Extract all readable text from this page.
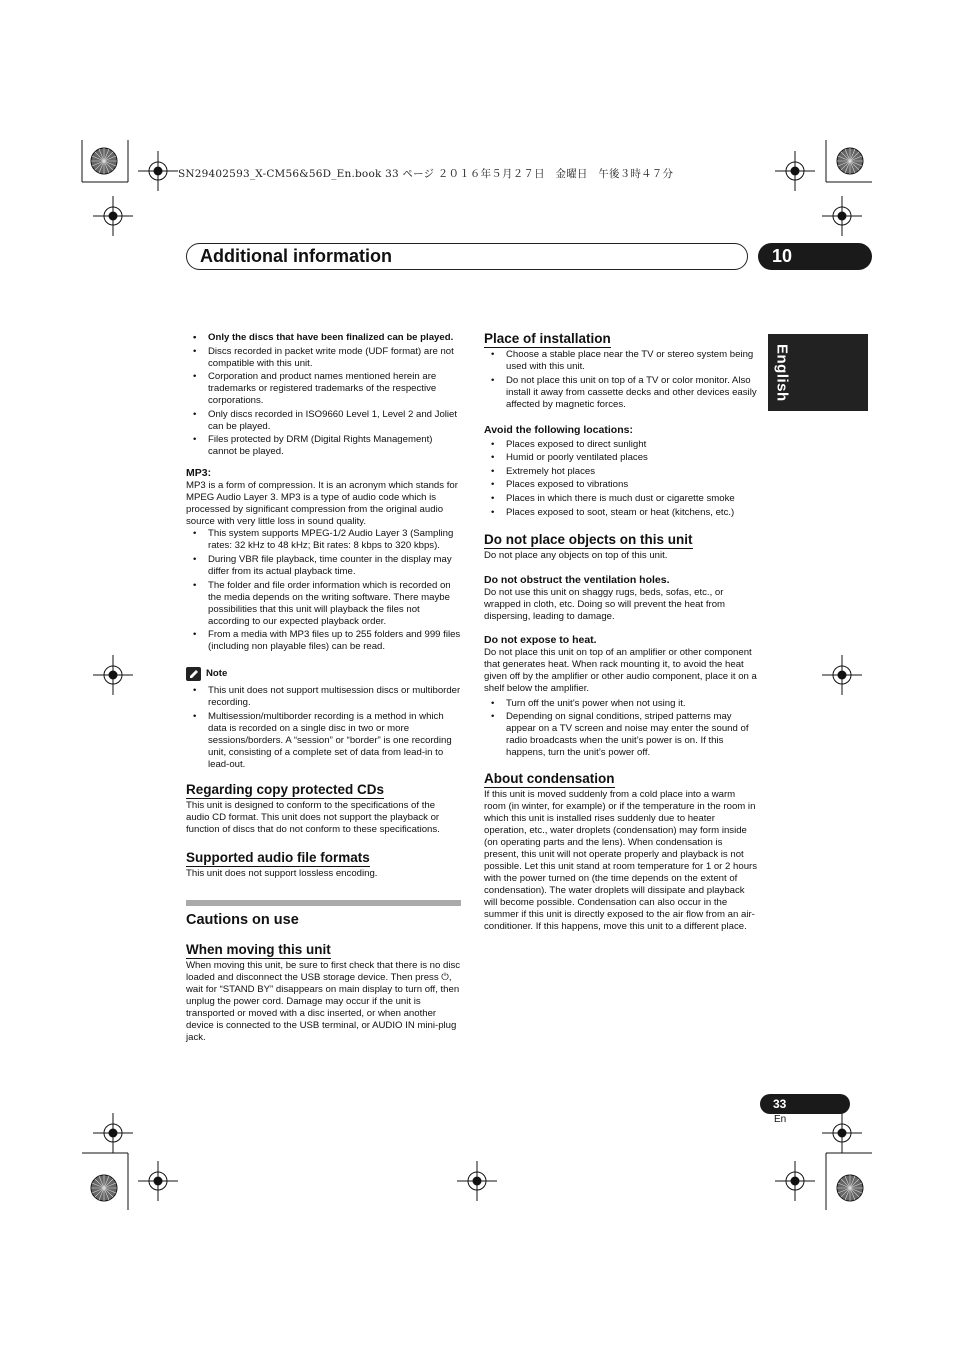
SN29402593_X-CM56&56D_En.book 33 ページ ２０１６年５月２７日　金曜日　午後３時４７分
Additional information	10
English
• Only the discs that have been finalized can be played.
• Discs recorded in packet write mode (UDF format) are not compatible with this unit.
• Corporation and product names mentioned herein are trademarks or registered trademarks of the respective corporations.
• Only discs recorded in ISO9660 Level 1, Level 2 and Joliet can be played.
• Files protected by DRM (Digital Rights Management) cannot be played.
MP3:

MP3 is a form of compression. It is an acronym which stands for MPEG Audio Layer 3. MP3 is a type of audio code which is processed by significant compression from the original audio source with very little loss in sound quality.

• This system supports MPEG-1/2 Audio Layer 3 (Sampling rates: 32 kHz to 48 kHz; Bit rates: 8 kbps to 320 kbps).
• During VBR file playback, time counter in the display may differ from its actual playback time.
• The folder and file order information which is recorded on the media depends on the writing software. There maybe possibilities that this unit will playback the files not according to our expected playback order.
• From a media with MP3 files up to 255 folders and 999 files (including non playable files) can be read.
Note
• This unit does not support multisession discs or multiborder recording.
• Multisession/multiborder recording is a method in which data is recorded on a single disc in two or more sessions/borders. A “session” or “border” is one recording unit, consisting of a complete set of data from lead-in to lead-out.
Regarding copy protected CDs

This unit is designed to conform to the specifications of the audio CD format. This unit does not support the playback or function of discs that do not conform to these specifications.

Supported audio file formats

This unit does not support lossless encoding.

Cautions on use
When moving this unit

When moving this unit, be sure to first check that there is no disc loaded and disconnect the USB storage device. Then press ⏻, wait for “STAND BY” disappears on main display to turn off, then unplug the power cord. Damage may occur if the unit is transported or moved with a disc inserted, or when another device is connected to the USB terminal, or AUDIO IN mini-plug jack.

Place of installation
• Choose a stable place near the TV or stereo system being used with this unit.
• Do not place this unit on top of a TV or color monitor. Also install it away from cassette decks and other devices easily affected by magnetic forces.
Avoid the following locations:
• Places exposed to direct sunlight
• Humid or poorly ventilated places
• Extremely hot places
• Places exposed to vibrations
• Places in which there is much dust or cigarette smoke
• Places exposed to soot, steam or heat (kitchens, etc.)
Do not place objects on this unit

Do not place any objects on top of this unit.

Do not obstruct the ventilation holes.

Do not use this unit on shaggy rugs, beds, sofas, etc., or wrapped in cloth, etc. Doing so will prevent the heat from dispersing, leading to damage.

Do not expose to heat.

Do not place this unit on top of an amplifier or other component that generates heat. When rack mounting it, to avoid the heat given off by the amplifier or other audio component, place it on a shelf below the amplifier.

• Turn off the unit’s power when not using it.
• Depending on signal conditions, striped patterns may appear on a TV screen and noise may enter the sound of radio broadcasts when the unit’s power is on. If this happens, turn the unit’s power off.
About condensation

If this unit is moved suddenly from a cold place into a warm room (in winter, for example) or if the temperature in the room in which this unit is installed rises suddenly due to heater operation, etc., water droplets (condensation) may form inside (on operating parts and the lens). When condensation is present, this unit will not operate properly and playback is not possible. Let this unit stand at room temperature for 1 or 2 hours with the power turned on (the time depends on the extent of condensation). The water droplets will dissipate and playback will become possible. Condensation can also occur in the summer if this unit is directly exposed to the air flow from an air-conditioner. If this happens, move this unit to a different place.

33
En
